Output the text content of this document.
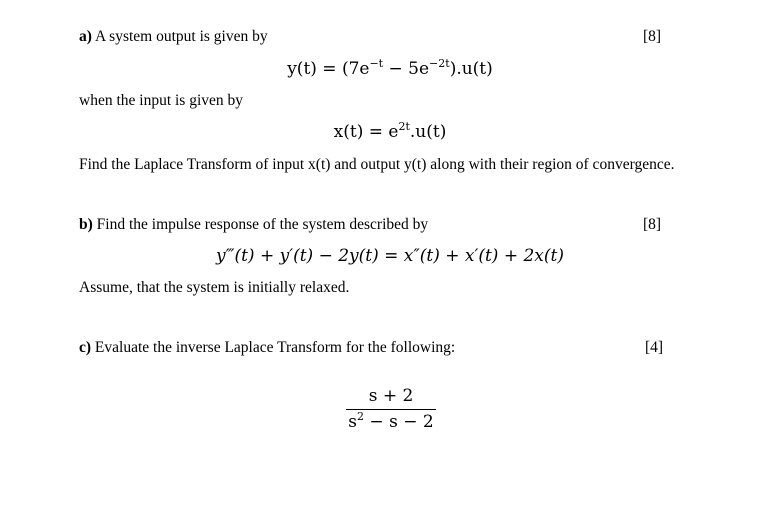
a) A system output is given by	[8]
$y(t) = (7e^{-t} - 5e^{-2t}).u(t)$
when the input is given by
$x(t) = e^{2t}.u(t)$
Find the Laplace Transform of input x(t) and output y(t) along with their region of convergence.
b) Find the impulse response of the system described by	[8]
y‴(t) + y′(t) − 2y(t) = x″(t) + x′(t) + 2x(t)
Assume, that the system is initially relaxed.
c) Evaluate the inverse Laplace Transform for the following:	[4]
$\frac{s + 2}{s^2 - s - 2}$
